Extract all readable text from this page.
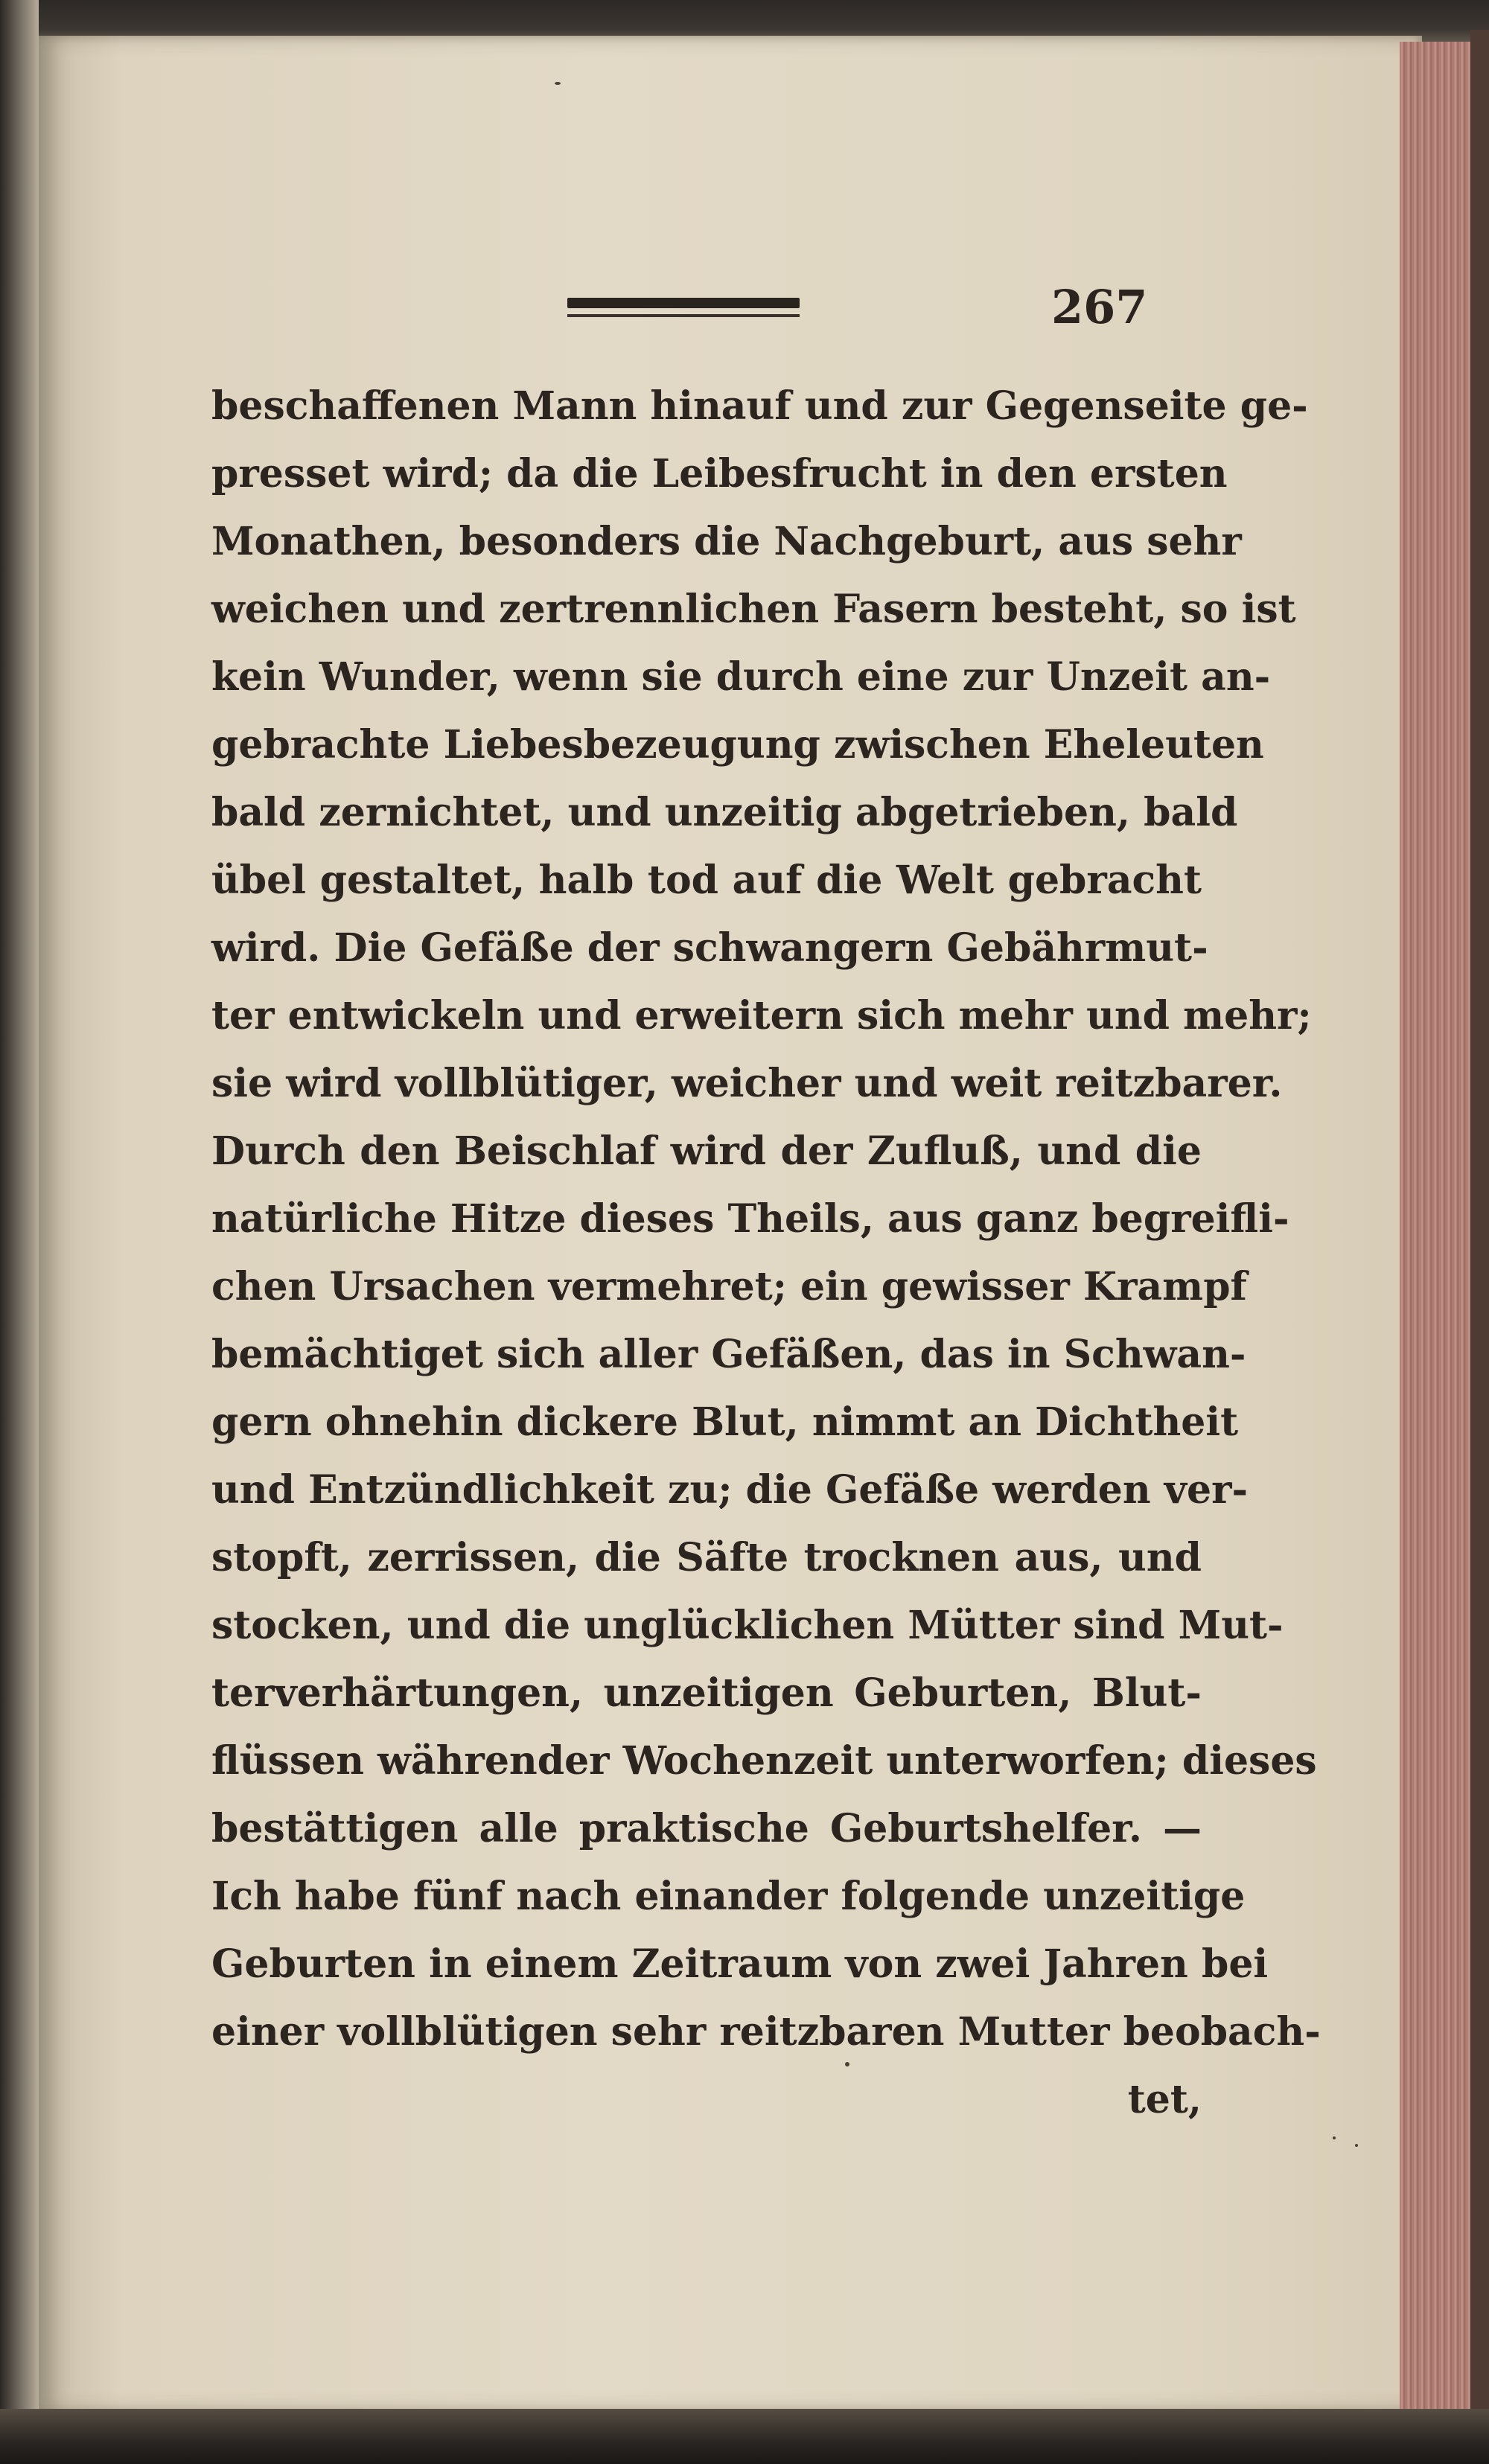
267
beschaffenen Mann hinauf und zur Gegenseite ge-
presset wird; da die Leibesfrucht in den ersten
Monathen, besonders die Nachgeburt, aus sehr
weichen und zertrennlichen Fasern besteht, so ist
kein Wunder, wenn sie durch eine zur Unzeit an-
gebrachte Liebesbezeugung zwischen Eheleuten
bald zernichtet, und unzeitig abgetrieben, bald
übel gestaltet, halb tod auf die Welt gebracht
wird. Die Gefäße der schwangern Gebährmut-
ter entwickeln und erweitern sich mehr und mehr;
sie wird vollblütiger, weicher und weit reitzbarer.
Durch den Beischlaf wird der Zufluß, und die
natürliche Hitze dieses Theils, aus ganz begreifli-
chen Ursachen vermehret; ein gewisser Krampf
bemächtiget sich aller Gefäßen, das in Schwan-
gern ohnehin dickere Blut, nimmt an Dichtheit
und Entzündlichkeit zu; die Gefäße werden ver-
stopft, zerrissen, die Säfte trocknen aus, und
stocken, und die unglücklichen Mütter sind Mut-
terverhärtungen, unzeitigen Geburten, Blut-
flüssen währender Wochenzeit unterworfen; dieses
bestättigen alle praktische Geburtshelfer. —
Ich habe fünf nach einander folgende unzeitige
Geburten in einem Zeitraum von zwei Jahren bei
einer vollblütigen sehr reitzbaren Mutter beobach-
tet,
